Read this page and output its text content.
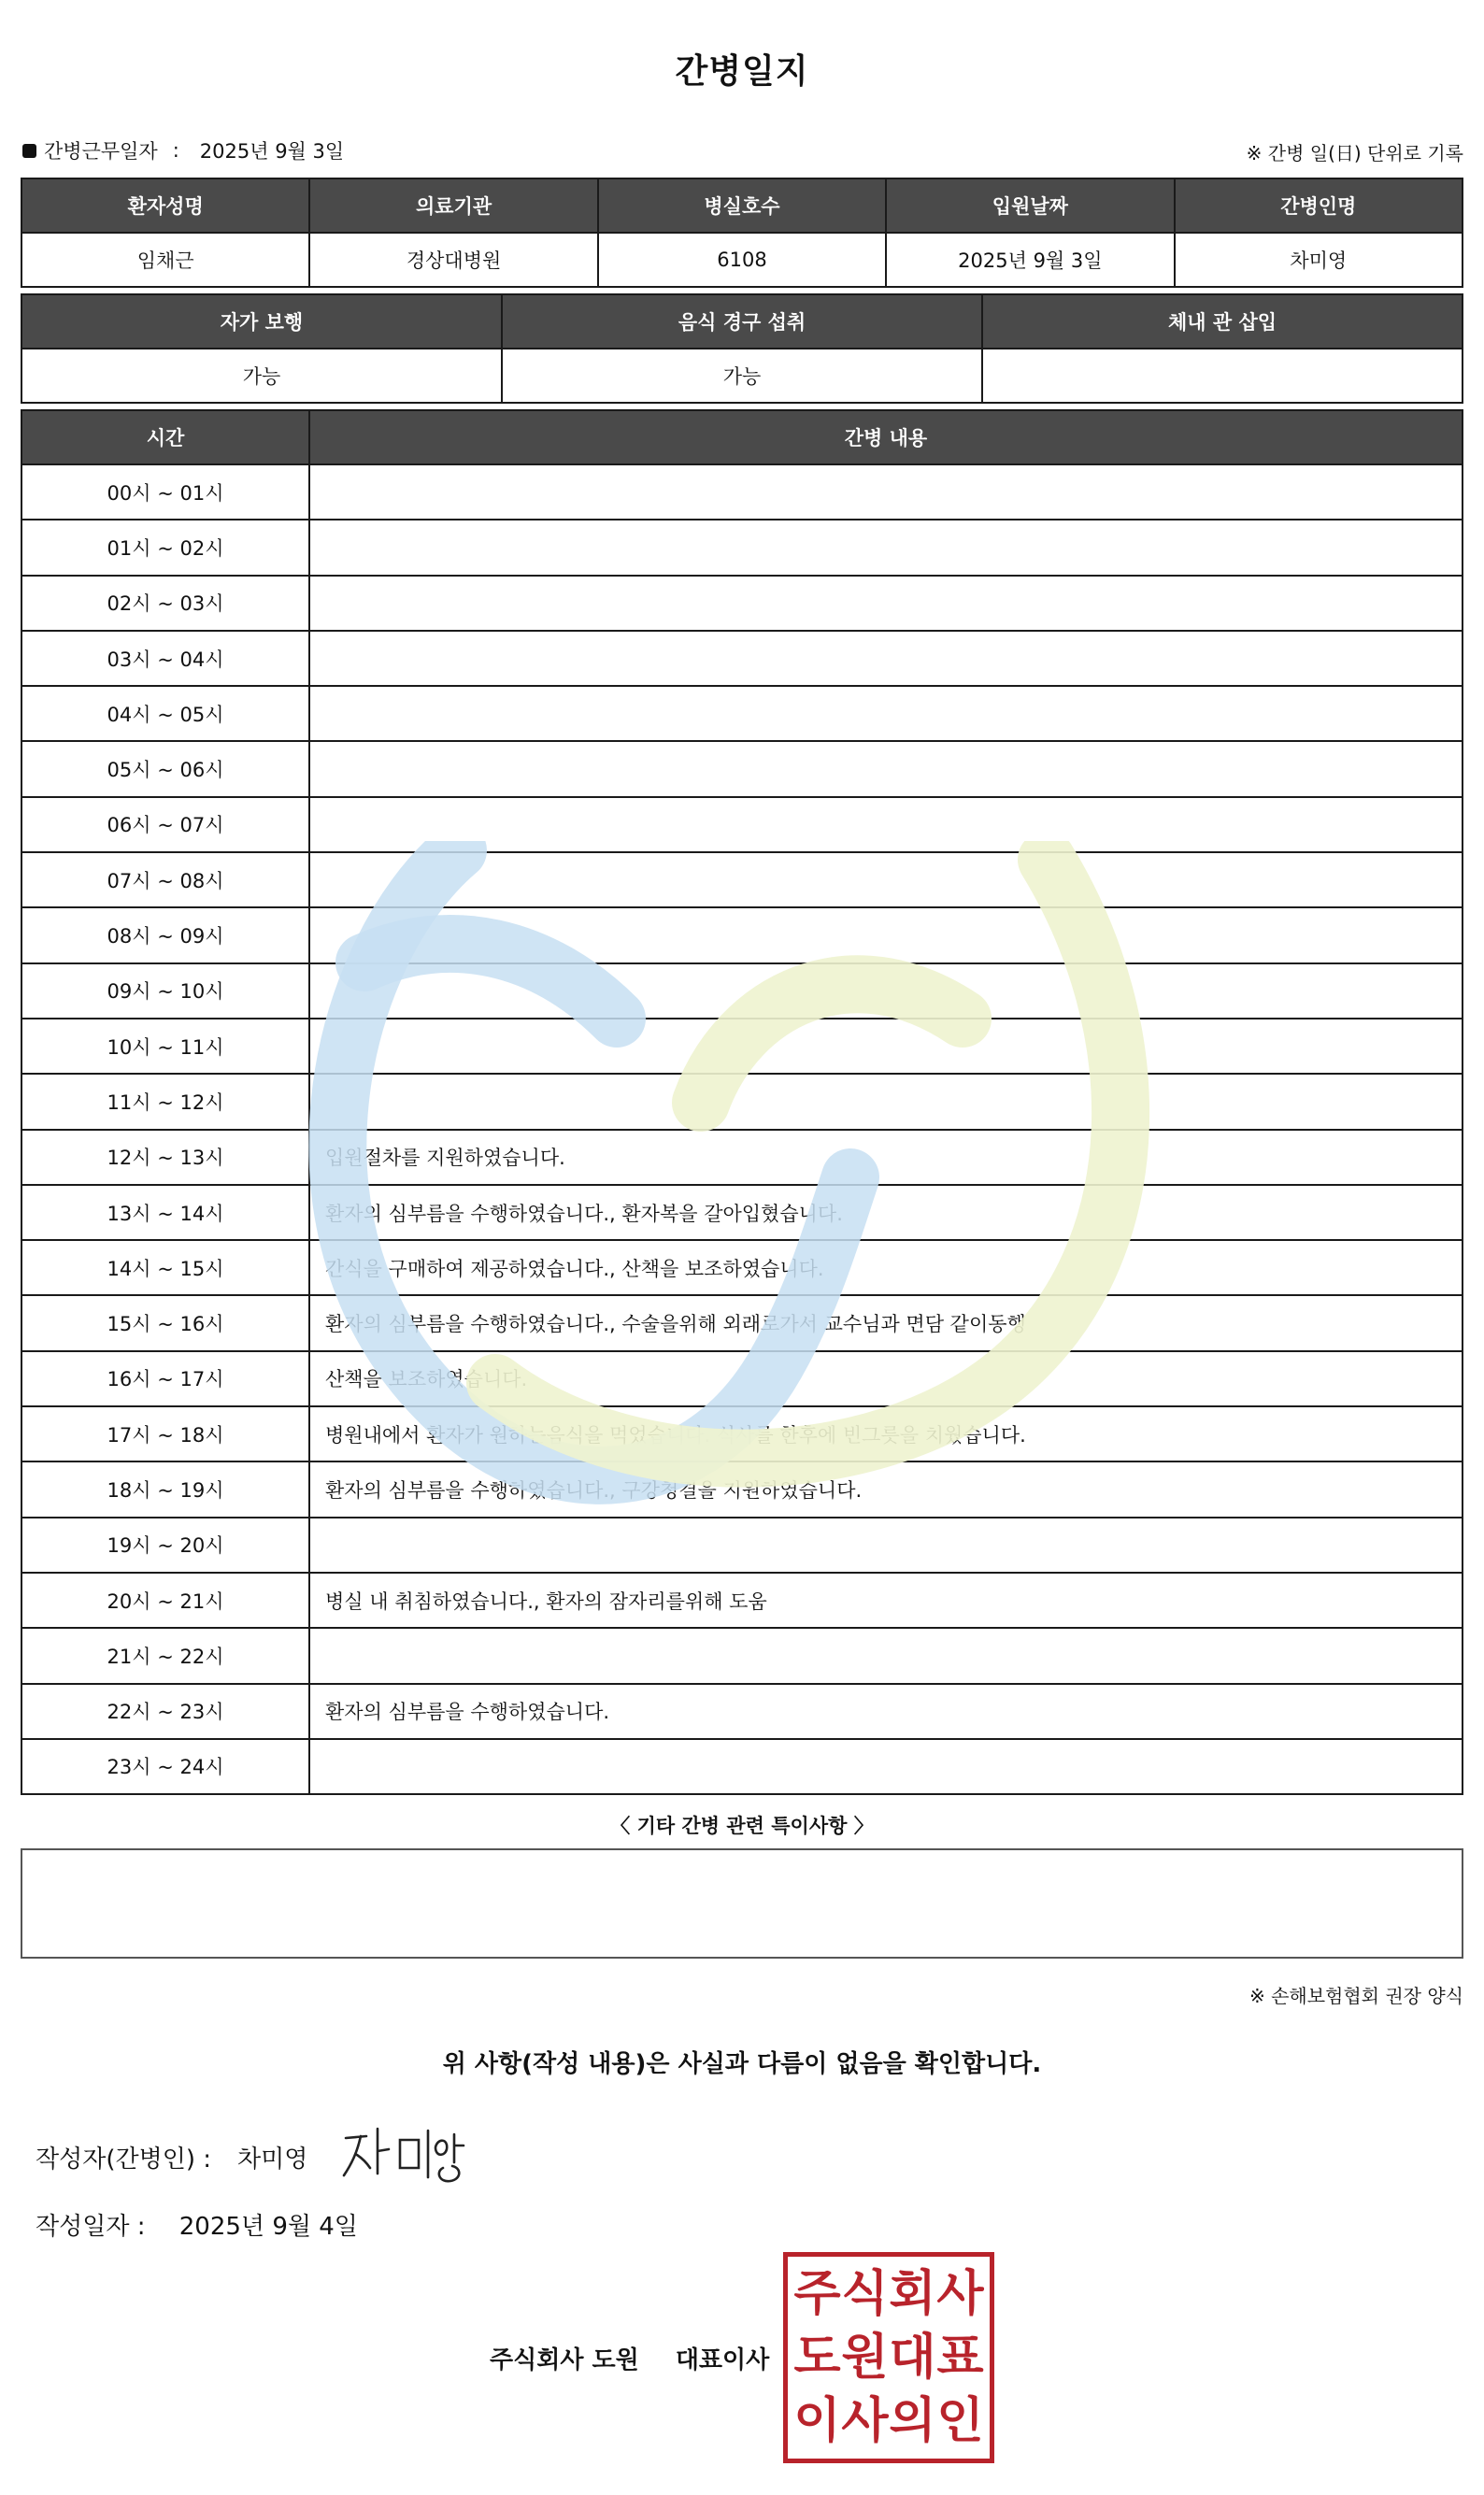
간병일지
간병근무일자 : 2025년 9월 3일	※ 간병 일(日) 단위로 기록
환자성명	의료기관	병실호수	입원날짜	간병인명
임채근	경상대병원	6108	2025년 9월 3일	차미영
자가 보행	음식 경구 섭취	체내 관 삽입
가능	가능	
시간	간병 내용
00시 ~ 01시	
01시 ~ 02시	
02시 ~ 03시	
03시 ~ 04시	
04시 ~ 05시	
05시 ~ 06시	
06시 ~ 07시	
07시 ~ 08시	
08시 ~ 09시	
09시 ~ 10시	
10시 ~ 11시	
11시 ~ 12시	
12시 ~ 13시	입원절차를 지원하였습니다.
13시 ~ 14시	환자의 심부름을 수행하였습니다., 환자복을 갈아입혔습니다.
14시 ~ 15시	간식을 구매하여 제공하였습니다., 산책을 보조하였습니다.
15시 ~ 16시	환자의 심부름을 수행하였습니다., 수술을위해 외래로가서 교수님과 면담 같이동행
16시 ~ 17시	산책을 보조하였습니다.
17시 ~ 18시	병원내에서 환자가 원하는음식을 먹었습니다. 식사를 한후에 빈그릇을 치웠습니다.
18시 ~ 19시	환자의 심부름을 수행하였습니다., 구강청결을 지원하였습니다.
19시 ~ 20시	
20시 ~ 21시	병실 내 취침하였습니다., 환자의 잠자리를위해 도움
21시 ~ 22시	
22시 ~ 23시	환자의 심부름을 수행하였습니다.
23시 ~ 24시	
〈 기타 간병 관련 특이사항 〉
※ 손해보험협회 권장 양식
위 사항(작성 내용)은 사실과 다름이 없음을 확인합니다.
작성자(간병인) : 차미영
작성일자 : 2025년 9월 4일
주식회사 도원 대표이사
주 식 회 사
도 원 대 표
이 사 의 인
